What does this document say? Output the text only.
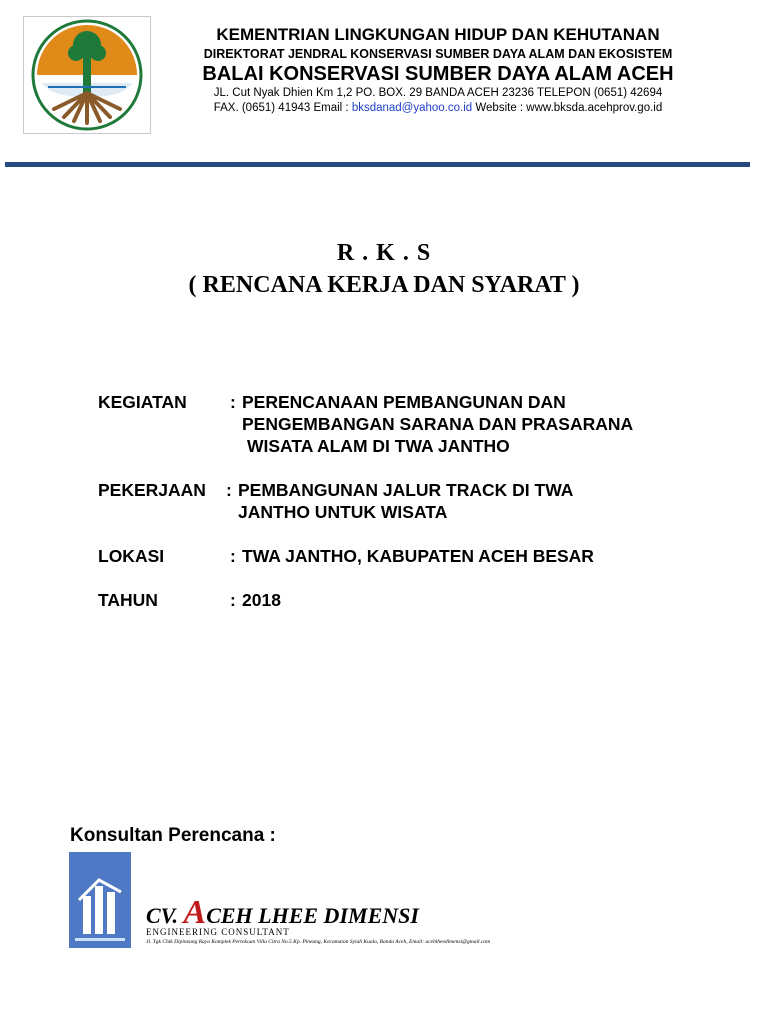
KEMENTRIAN LINGKUNGAN HIDUP DAN KEHUTANAN
DIREKTORAT JENDRAL KONSERVASI SUMBER DAYA ALAM DAN EKOSISTEM
BALAI KONSERVASI SUMBER DAYA ALAM ACEH
JL. Cut Nyak Dhien Km 1,2 PO. BOX. 29 BANDA ACEH 23236 TELEPON (0651) 42694
FAX. (0651) 41943 Email : bksdanad@yahoo.co.id Website : www.bksda.acehprov.go.id
R . K . S
( RENCANA KERJA DAN SYARAT )
KEGIATAN : PERENCANAAN PEMBANGUNAN DAN
PENGEMBANGAN SARANA DAN PRASARANA
WISATA ALAM DI TWA JANTHO
PEKERJAAN : PEMBANGUNAN JALUR TRACK DI TWA
JANTHO UNTUK WISATA
LOKASI	: TWA JANTHO, KABUPATEN ACEH BESAR
TAHUN	: 2018
Konsultan Perencana :
CV. ACEH LHEE DIMENSI
ENGINEERING CONSULTANT
Jl. Tgk Chik Dipineung Raya Komplek Pertokoan Villa Citra No.5 Kp. Pineung, Kecamatan Syiah Kuala, Banda Aceh, Email: acehlheedimensi@gmail.com
